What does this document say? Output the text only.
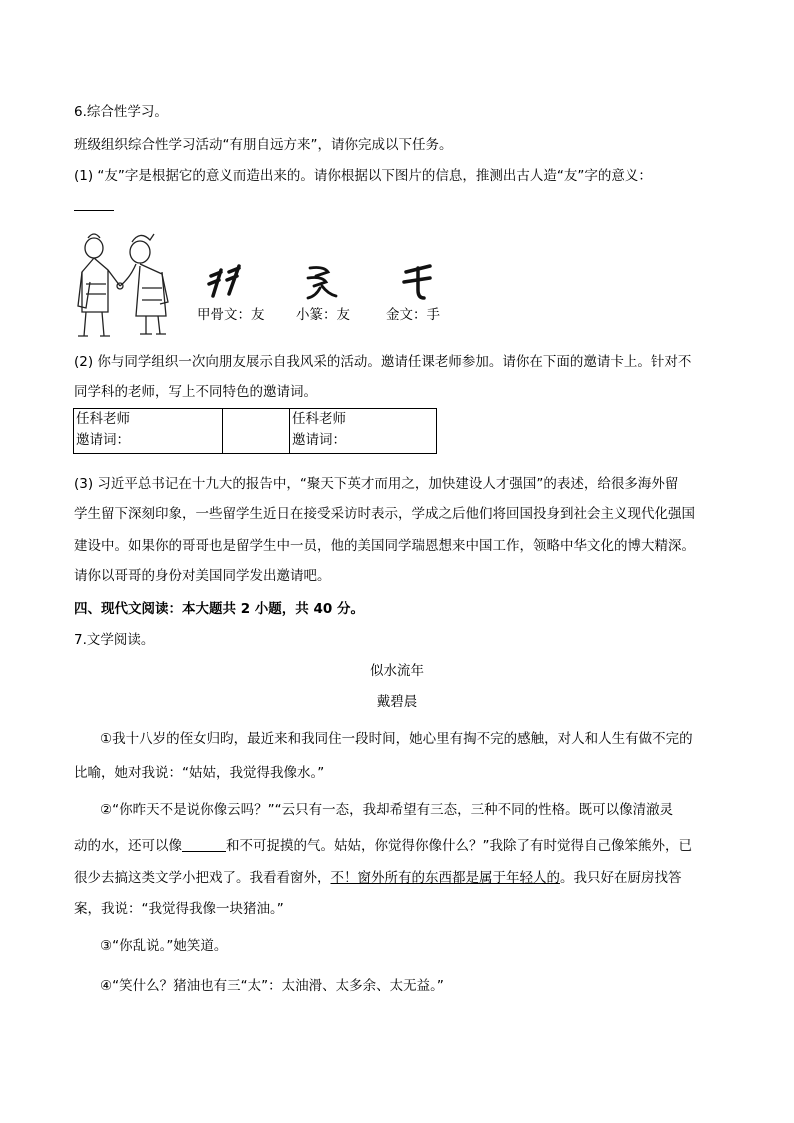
6.综合性学习。
班级组织综合性学习活动“有朋自远方来”，请你完成以下任务。
(1) “友”字是根据它的意义而造出来的。请你根据以下图片的信息，推测出古人造“友”字的意义：
甲骨文：友 小篆：友	金文：手
(2) 你与同学组织一次向朋友展示自我风采的活动。邀请任课老师参加。请你在下面的邀请卡上。针对不
同学科的老师，写上不同特色的邀请词。
任科老师
邀请词：

任科老师
邀请词：
(3) 习近平总书记在十九大的报告中，“聚天下英才而用之，加快建设人才强国”的表述，给很多海外留
学生留下深刻印象，一些留学生近日在接受采访时表示，学成之后他们将回国投身到社会主义现代化强国
建设中。如果你的哥哥也是留学生中一员，他的美国同学瑞恩想来中国工作，领略中华文化的博大精深。
请你以哥哥的身份对美国同学发出邀请吧。
四、现代文阅读：本大题共 2 小题，共 40 分。
7.文学阅读。
似水流年
戴碧晨
①我十八岁的侄女归昀，最近来和我同住一段时间，她心里有掏不完的感触，对人和人生有做不完的
比喻，她对我说：“姑姑，我觉得我像水。”
②“你昨天不是说你像云吗？”“云只有一态，我却希望有三态，三种不同的性格。既可以像清澈灵
动的水，还可以像	和不可捉摸的气。姑姑，你觉得你像什么？”我除了有时觉得自己像笨熊外，已
很少去搞这类文学小把戏了。我看看窗外，不！窗外所有的东西都是属于年轻人的。我只好在厨房找答
案，我说：“我觉得我像一块猪油。”
③“你乱说。”她笑道。
④“笑什么？猪油也有三“太”：太油滑、太多余、太无益。”
